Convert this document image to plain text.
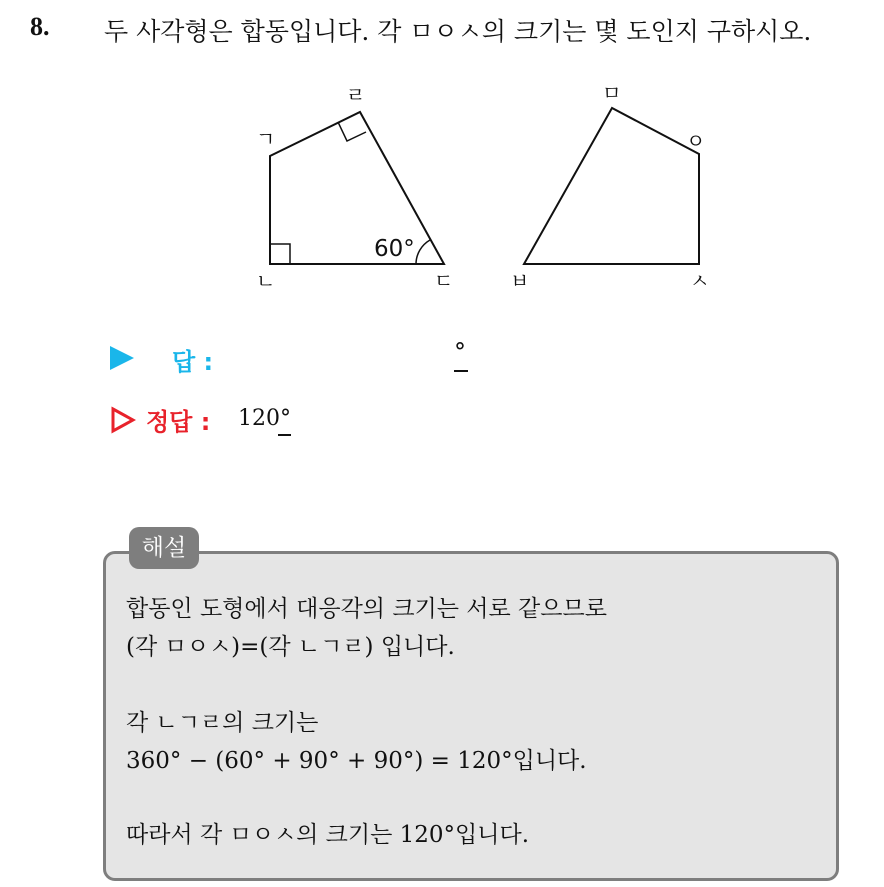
8. 두 사각형은 합동입니다. 각 ㅁㅇㅅ의 크기는 몇 도인지 구하시오.
60°
ㄱ
ㄴ	ㄷ
ㄹ	ㅁ
ㅂ	ㅅ
ㅇ
답 :	°
정답 : 120°
해설
합동인 도형에서 대응각의 크기는 서로 같으므로
(각 ㅁㅇㅅ)=(각 ㄴㄱㄹ) 입니다.
각 ㄴㄱㄹ의 크기는
360° − (60° + 90° + 90°) = 120°입니다.
따라서 각 ㅁㅇㅅ의 크기는 120°입니다.
